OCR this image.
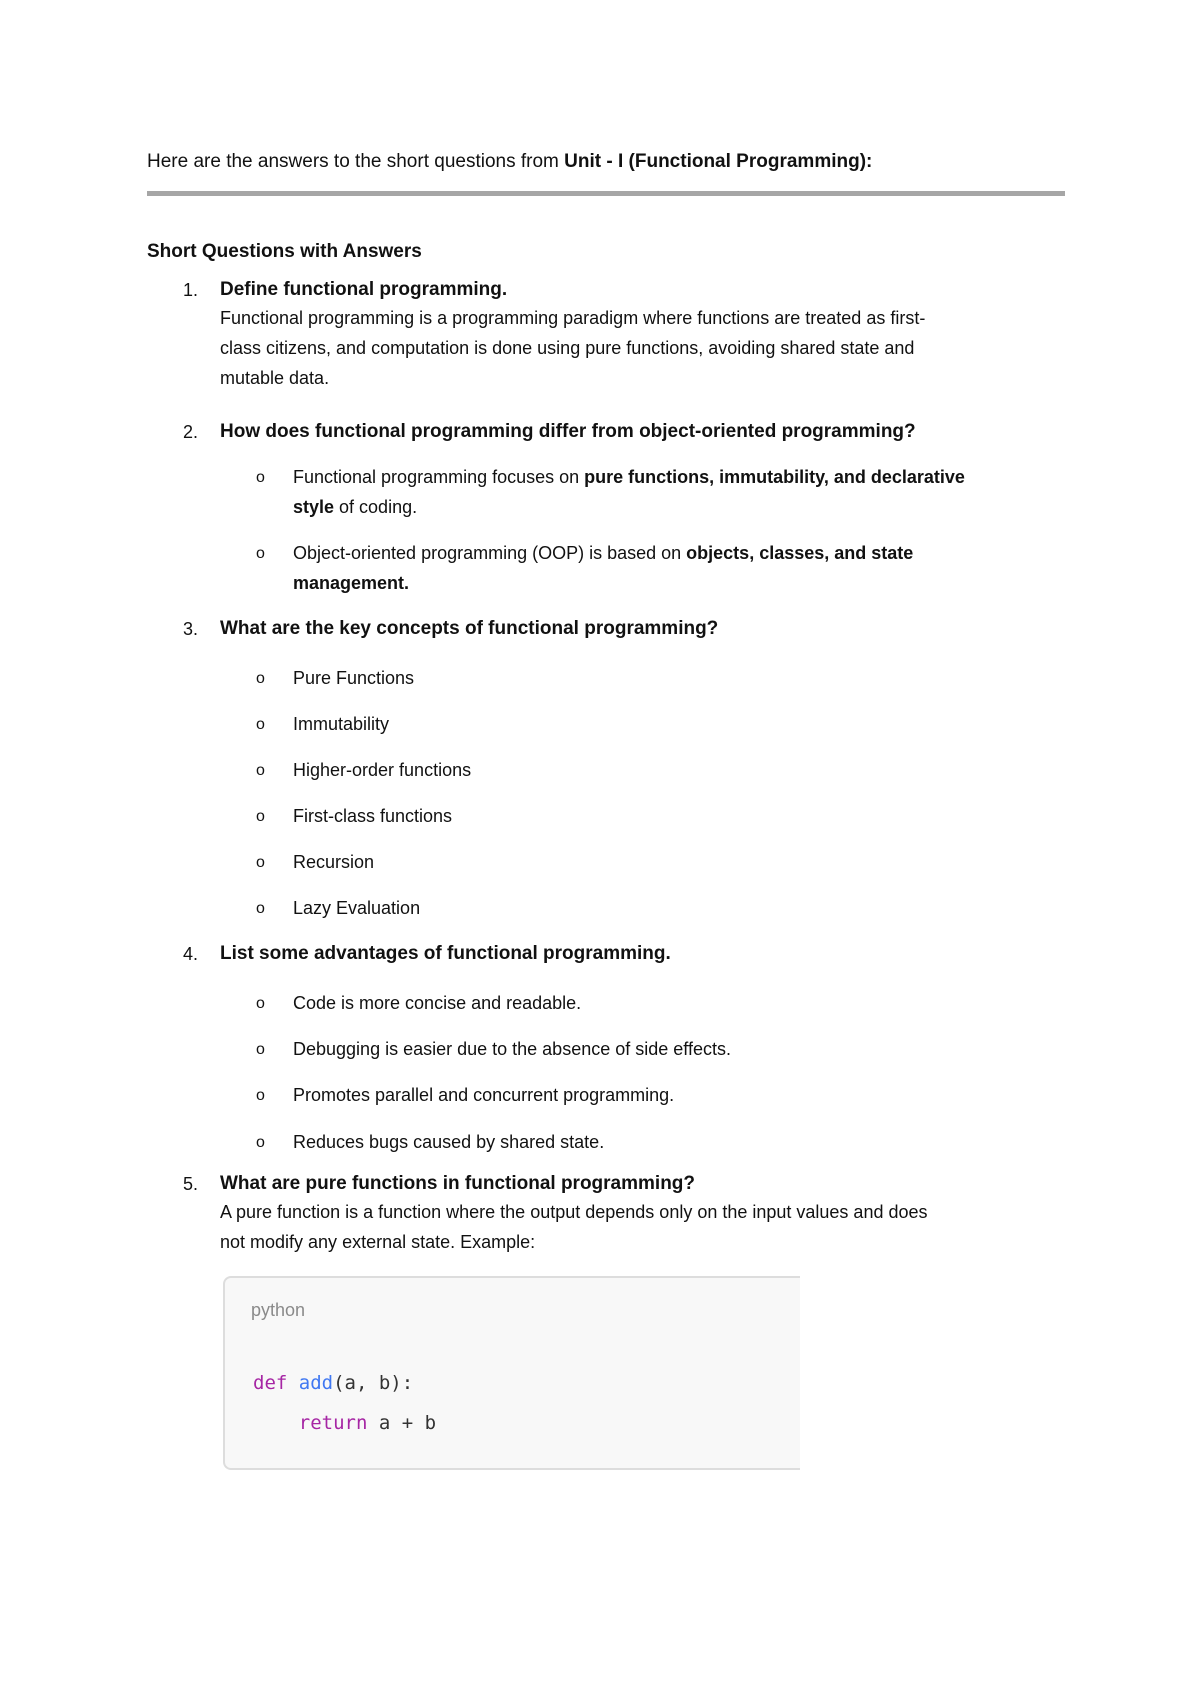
Here are the answers to the short questions from Unit - I (Functional Programming):
Short Questions with Answers
1. Define functional programming.
Functional programming is a programming paradigm where functions are treated as first-
class citizens, and computation is done using pure functions, avoiding shared state and
mutable data.
2. How does functional programming differ from object-oriented programming?
o Functional programming focuses on pure functions, immutability, and declarative
style of coding.
o Object-oriented programming (OOP) is based on objects, classes, and state
management.
3. What are the key concepts of functional programming?
o Pure Functions
o Immutability
o Higher-order functions
o First-class functions
o Recursion
o Lazy Evaluation
4. List some advantages of functional programming.
o Code is more concise and readable.
o Debugging is easier due to the absence of side effects.
o Promotes parallel and concurrent programming.
o Reduces bugs caused by shared state.
5. What are pure functions in functional programming?
A pure function is a function where the output depends only on the input values and does
not modify any external state. Example:
python
def add(a, b):
return a + b
